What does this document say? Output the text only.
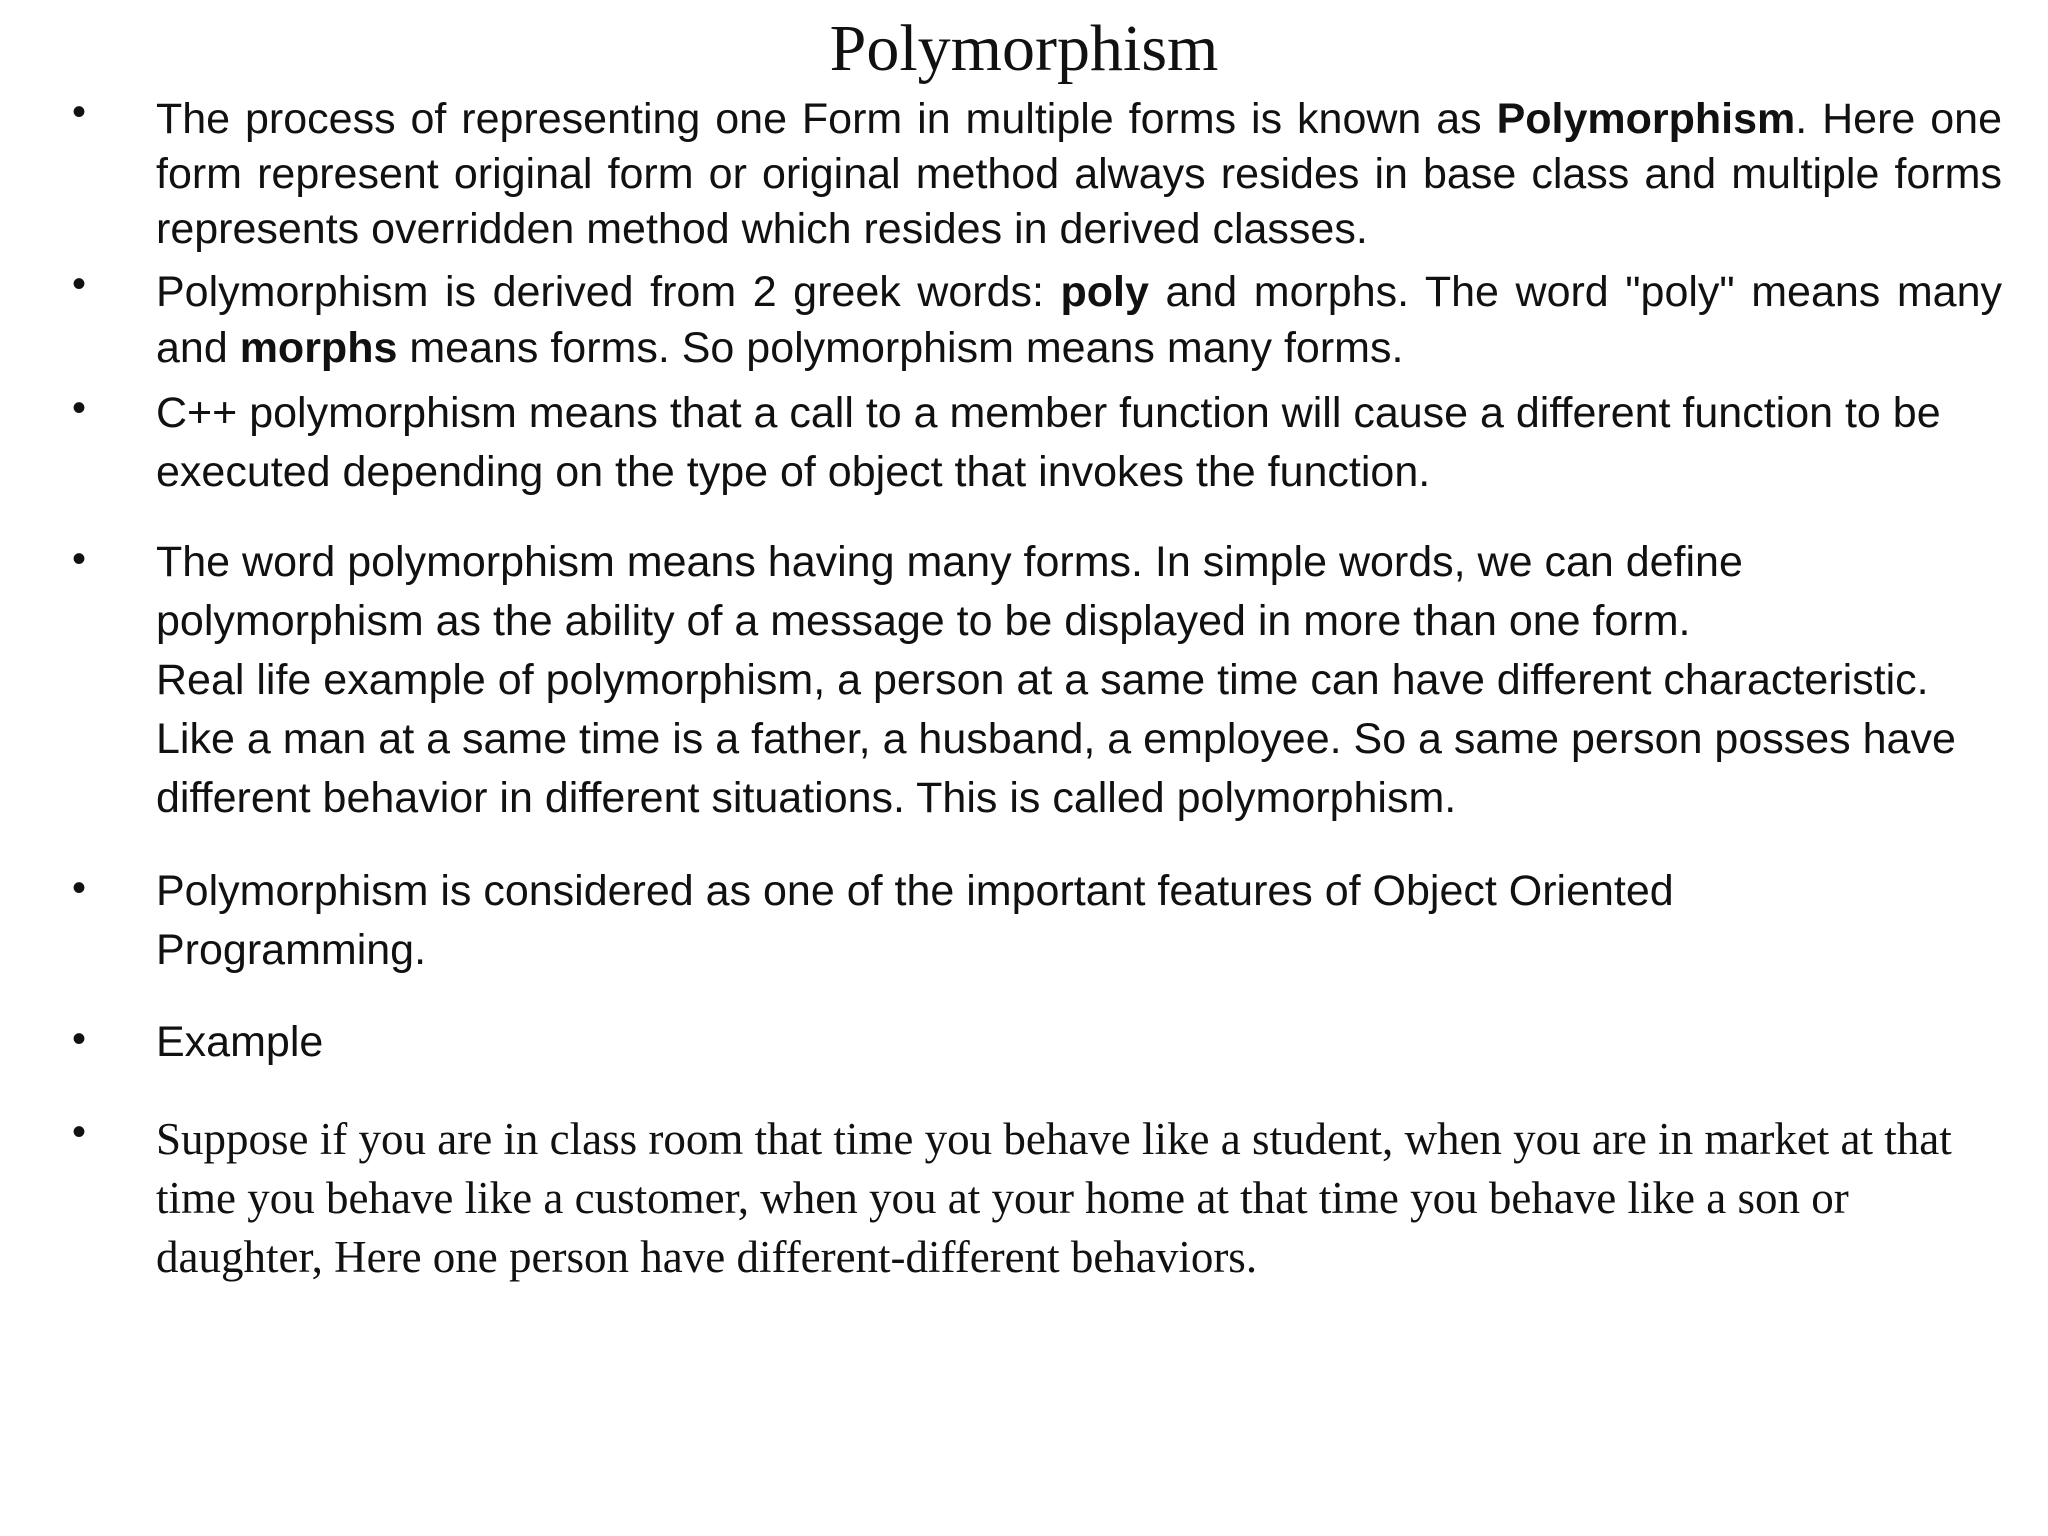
Polymorphism
•	The process of representing one Form in multiple forms is known as Polymorphism. Here one form represent original form or original method always resides in base class and multiple forms represents overridden method which resides in derived classes.

•	Polymorphism is derived from 2 greek words: poly and morphs. The word "poly" means many and morphs means forms. So polymorphism means many forms.

•	C++ polymorphism means that a call to a member function will cause a different function to be executed depending on the type of object that invokes the function.

•	The word polymorphism means having many forms. In simple words, we can define polymorphism as the ability of a message to be displayed in more than one form.
Real life example of polymorphism, a person at a same time can have different characteristic. Like a man at a same time is a father, a husband, a employee. So a same person posses have different behavior in different situations. This is called polymorphism.

•	Polymorphism is considered as one of the important features of Object Oriented Programming.

•	Example

•	Suppose if you are in class room that time you behave like a student, when you are in market at that time you behave like a customer, when you at your home at that time you behave like a son or daughter, Here one person have different-different behaviors.
